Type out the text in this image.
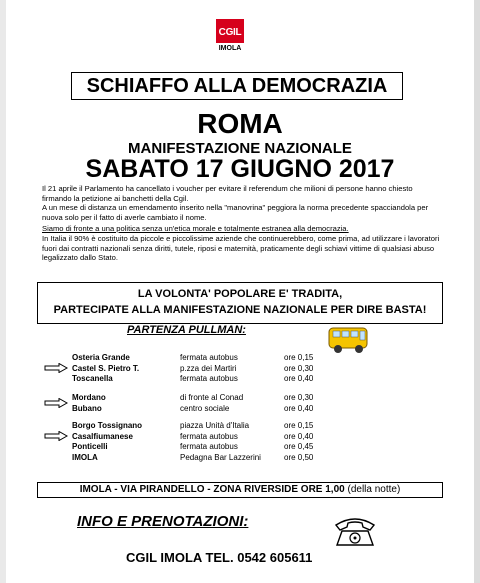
CGIL
IMOLA
SCHIAFFO ALLA DEMOCRAZIA
ROMA
MANIFESTAZIONE NAZIONALE
SABATO 17 GIUGNO 2017
Il 21 aprile il Parlamento ha cancellato i voucher per evitare il referendum che milioni di persone hanno chiesto firmando la petizione ai banchetti della Cgil.
A un mese di distanza un emendamento inserito nella "manovrina" peggiora la norma precedente spacciandola per nuova solo per il fatto di averle cambiato il nome.
Siamo di fronte a una politica senza un'etica morale e totalmente estranea alla democrazia.
In Italia il 90% è costituito da piccole e piccolissime aziende che continuerebbero, come prima, ad utilizzare i lavoratori fuori dai contratti nazionali senza diritti, tutele, riposi e maternità, praticamente degli schiavi vittime di qualsiasi abuso legalizzato dallo Stato.
LA VOLONTA' POPOLARE E' TRADITA,
PARTECIPATE ALLA MANIFESTAZIONE NAZIONALE PER DIRE BASTA!
PARTENZA PULLMAN:
Osteria Grande	fermata autobus	ore 0,15
Castel S. Pietro T.	p.zza dei Martiri	ore 0,30
Toscanella	fermata autobus	ore 0,40
Mordano	di fronte al Conad	ore 0,30
Bubano	centro sociale	ore 0,40
Borgo Tossignano	piazza Unità d'Italia	ore 0,15
Casalfiumanese	fermata autobus	ore 0,40
Ponticelli	fermata autobus	ore 0,45
IMOLA	Pedagna Bar Lazzerini	ore 0,50
IMOLA - VIA PIRANDELLO - ZONA RIVERSIDE ORE 1,00 (della notte)
INFO E PRENOTAZIONI:
CGIL IMOLA TEL. 0542 605611
